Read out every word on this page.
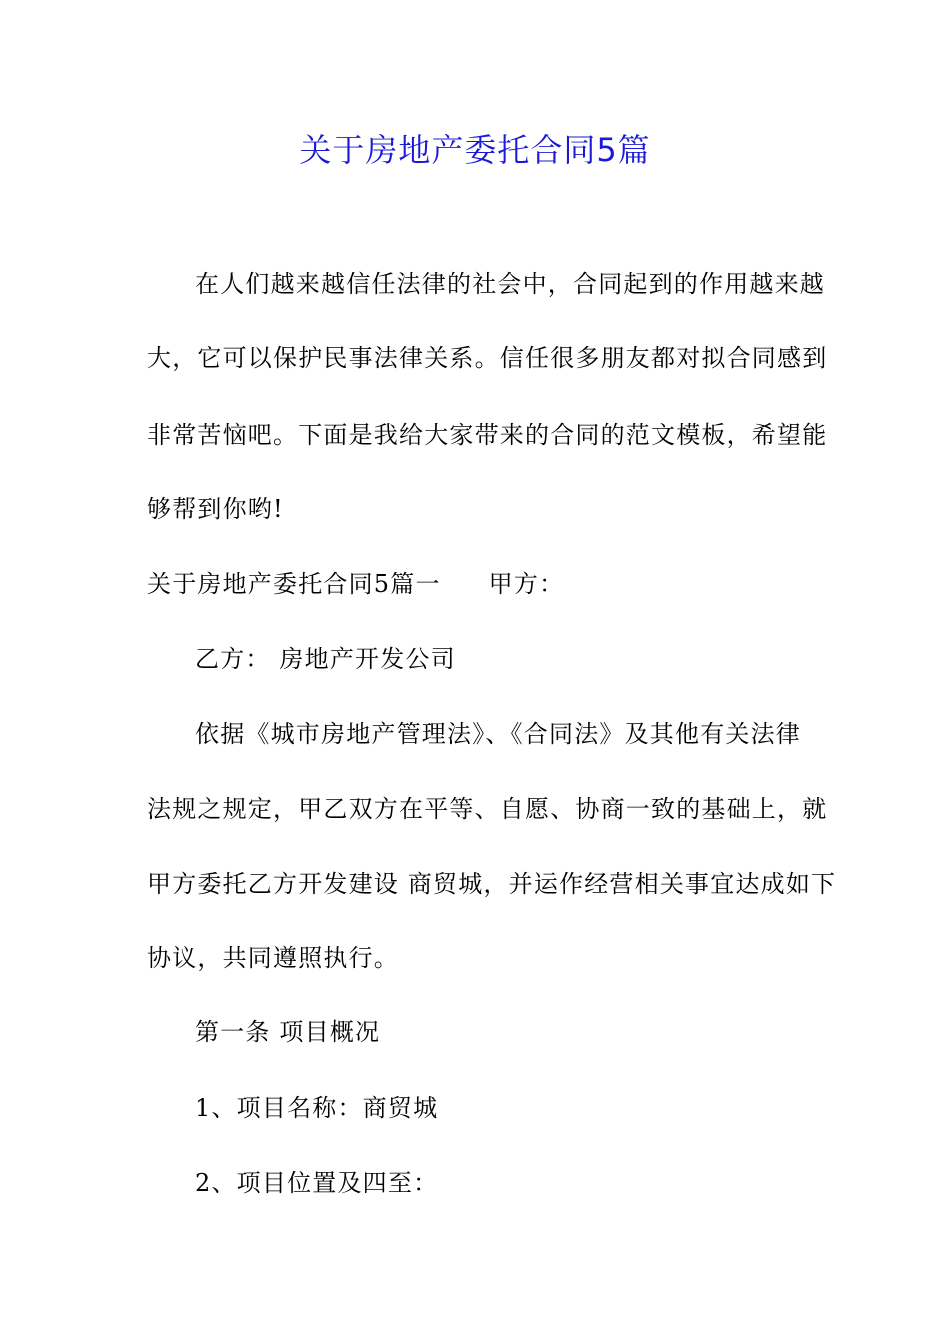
关于房地产委托合同5篇

在人们越来越信任法律的社会中，合同起到的作用越来越

大，它可以保护民事法律关系。信任很多朋友都对拟合同感到

非常苦恼吧。下面是我给大家带来的合同的范文模板，希望能

够帮到你哟!

关于房地产委托合同5篇一 甲方：

乙方： 房地产开发公司

依据《城市房地产管理法》、《合同法》及其他有关法律

法规之规定，甲乙双方在平等、自愿、协商一致的基础上，就

甲方委托乙方开发建设 商贸城，并运作经营相关事宜达成如下

协议，共同遵照执行。

第一条 项目概况

1、项目名称：商贸城

2、项目位置及四至：
